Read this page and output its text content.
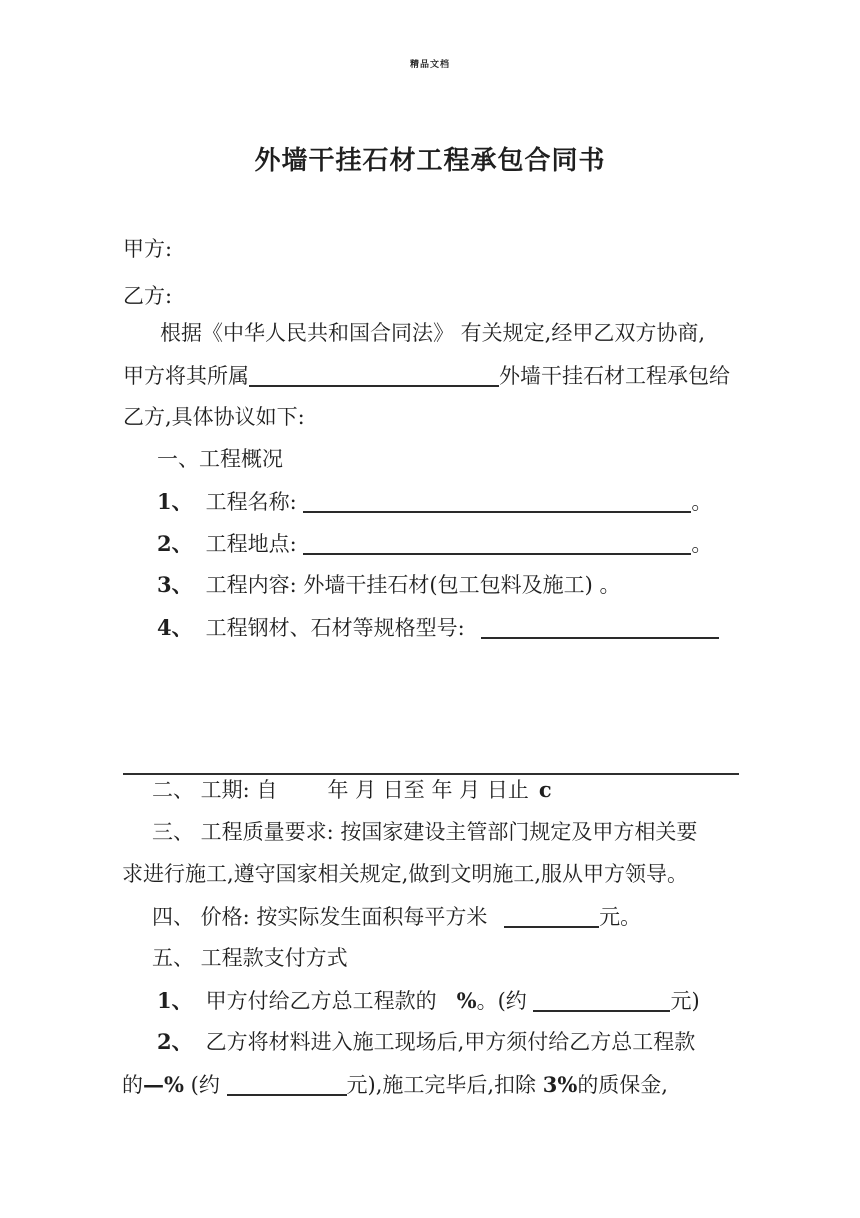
精品文档
外墙干挂石材工程承包合同书
甲方:
乙方:
根据《中华人民共和国合同法》 有关规定,经甲乙双方协商,
甲方将其所属	外墙干挂石材工程承包给
乙方,具体协议如下:
一、工程概况
1、 工程名称:	。
2、 工程地点:	。
3、 工程内容: 外墙干挂石材(包工包料及施工) 。
4、 工程钢材、石材等规格型号:
二、 工期: 自 年 月 日至 年 月 日止 c
三、 工程质量要求: 按国家建设主管部门规定及甲方相关要
求进行施工,遵守国家相关规定,做到文明施工,服从甲方领导。
四、 价格: 按实际发生面积每平方米	元。
五、 工程款支付方式
1、 甲方付给乙方总工程款的 %。(约	元)
2、 乙方将材料进入施工现场后,甲方须付给乙方总工程款
的—% (约	元),施工完毕后,扣除 3%的质保金,
